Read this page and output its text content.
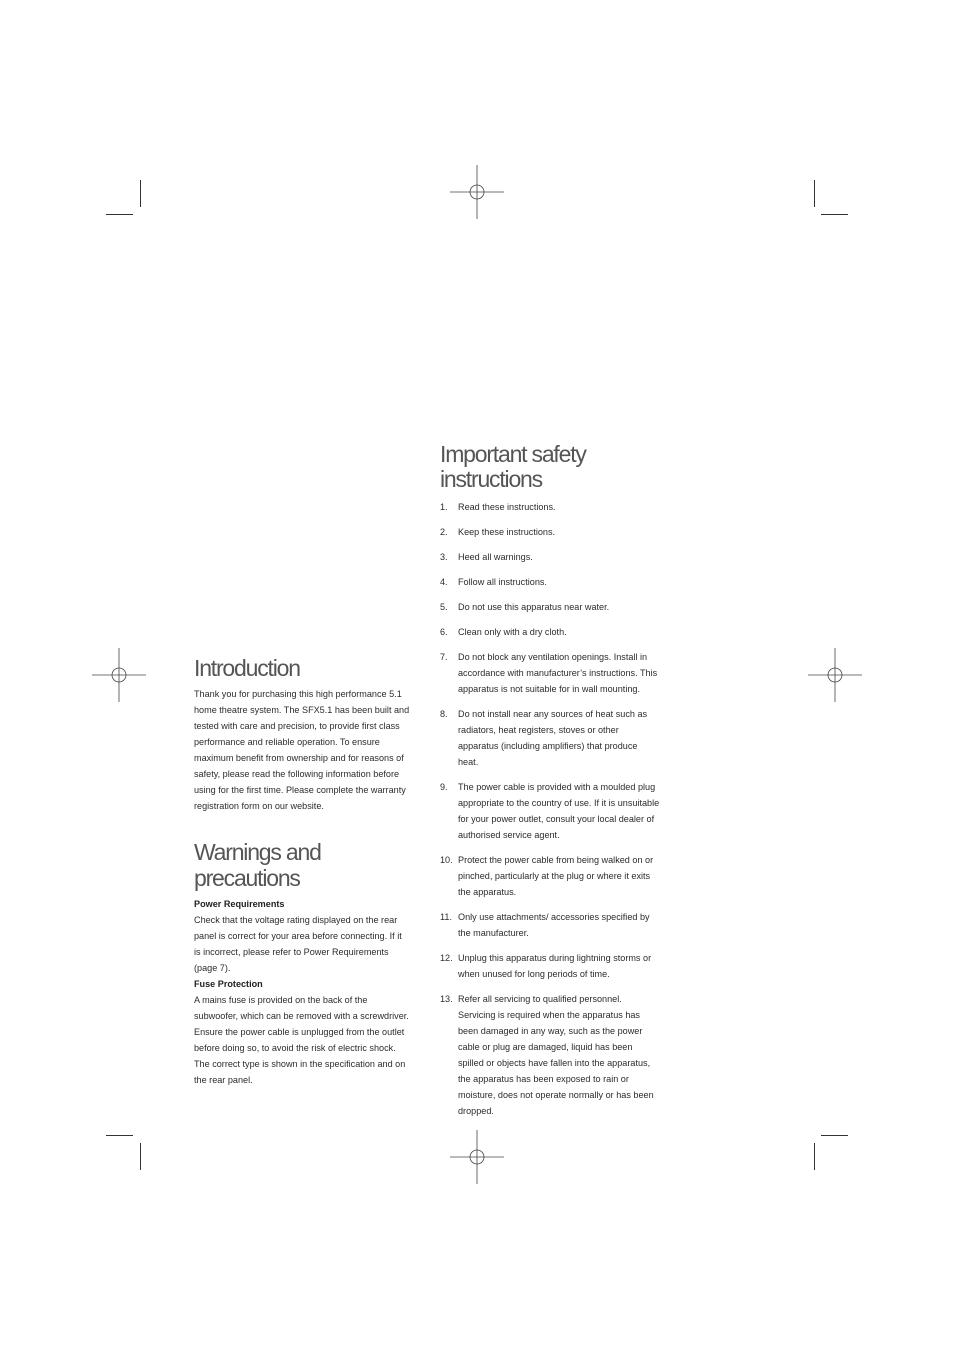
Introduction

Thank you for purchasing this high performance 5.1 home theatre system. The SFX5.1 has been built and tested with care and precision, to provide first class performance and reliable operation. To ensure maximum benefit from ownership and for reasons of safety, please read the following information before using for the first time. Please complete the warranty registration form on our website.

Warnings and precautions

Power Requirements

Check that the voltage rating displayed on the rear panel is correct for your area before connecting. If it is incorrect, please refer to Power Requirements (page 7).

Fuse Protection

A mains fuse is provided on the back of the subwoofer, which can be removed with a screwdriver. Ensure the power cable is unplugged from the outlet before doing so, to avoid the risk of electric shock. The correct type is shown in the specification and on the rear panel.

Important safety instructions
1.	Read these instructions.
2.	Keep these instructions.
3.	Heed all warnings.
4.	Follow all instructions.
5.	Do not use this apparatus near water.
6.	Clean only with a dry cloth.
7.	Do not block any ventilation openings. Install in accordance with manufacturer’s instructions. This apparatus is not suitable for in wall mounting.
8.	Do not install near any sources of heat such as radiators, heat registers, stoves or other apparatus (including amplifiers) that produce heat.
9.	The power cable is provided with a moulded plug appropriate to the country of use. If it is unsuitable for your power outlet, consult your local dealer of authorised service agent.
10. Protect the power cable from being walked on or pinched, particularly at the plug or where it exits the apparatus.
11. Only use attachments/ accessories specified by the manufacturer.
12. Unplug this apparatus during lightning storms or when unused for long periods of time.
13. Refer all servicing to qualified personnel. Servicing is required when the apparatus has been damaged in any way, such as the power cable or plug are damaged, liquid has been spilled or objects have fallen into the apparatus, the apparatus has been exposed to rain or moisture, does not operate normally or has been dropped.
